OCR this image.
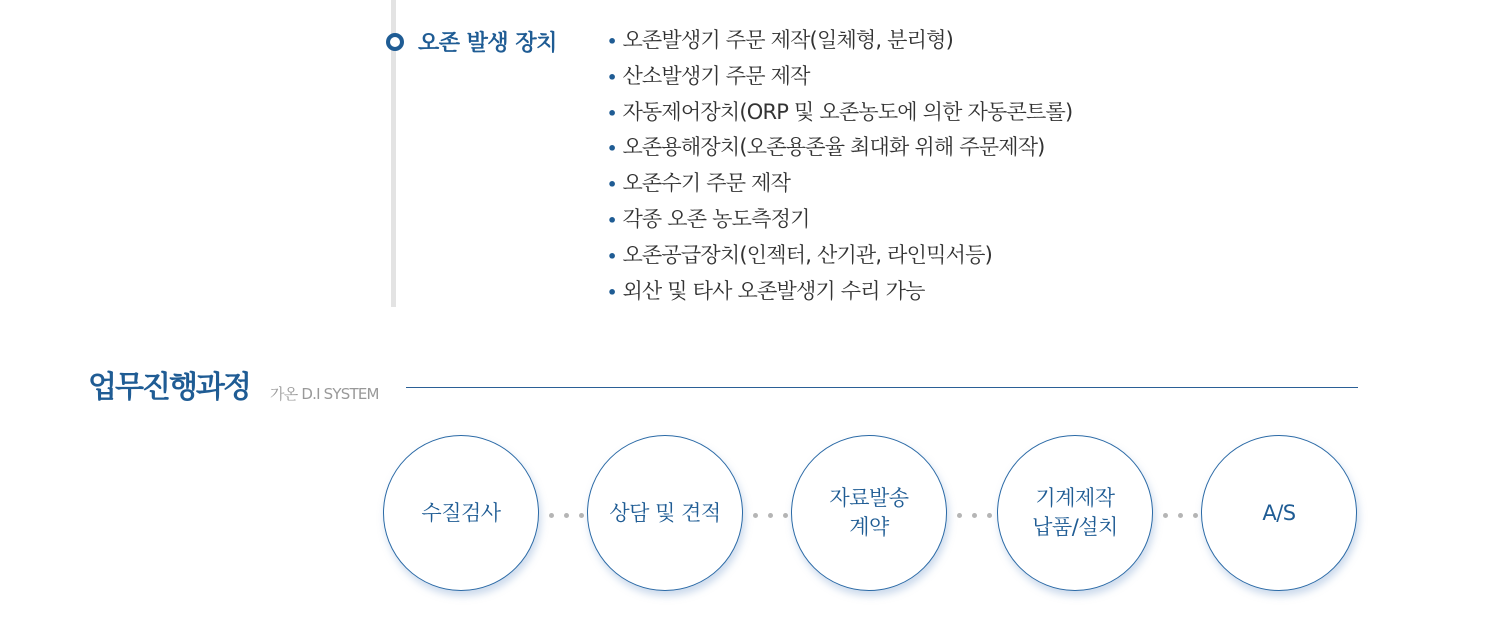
오존 발생 장치	• 오존발생기 주문 제작(일체형, 분리형)
• 산소발생기 주문 제작
• 자동제어장치(ORP 및 오존농도에 의한 자동콘트롤)
• 오존용해장치(오존용존율 최대화 위해 주문제작)
• 오존수기 주문 제작
• 각종 오존 농도측정기
• 오존공급장치(인젝터, 산기관, 라인믹서등)
• 외산 및 타사 오존발생기 수리 가능
업무진행과정 가온 D.I SYSTEM
수질검사	상담 및 견적
자료발송
계약
기계제작
납품/설치
A/S
